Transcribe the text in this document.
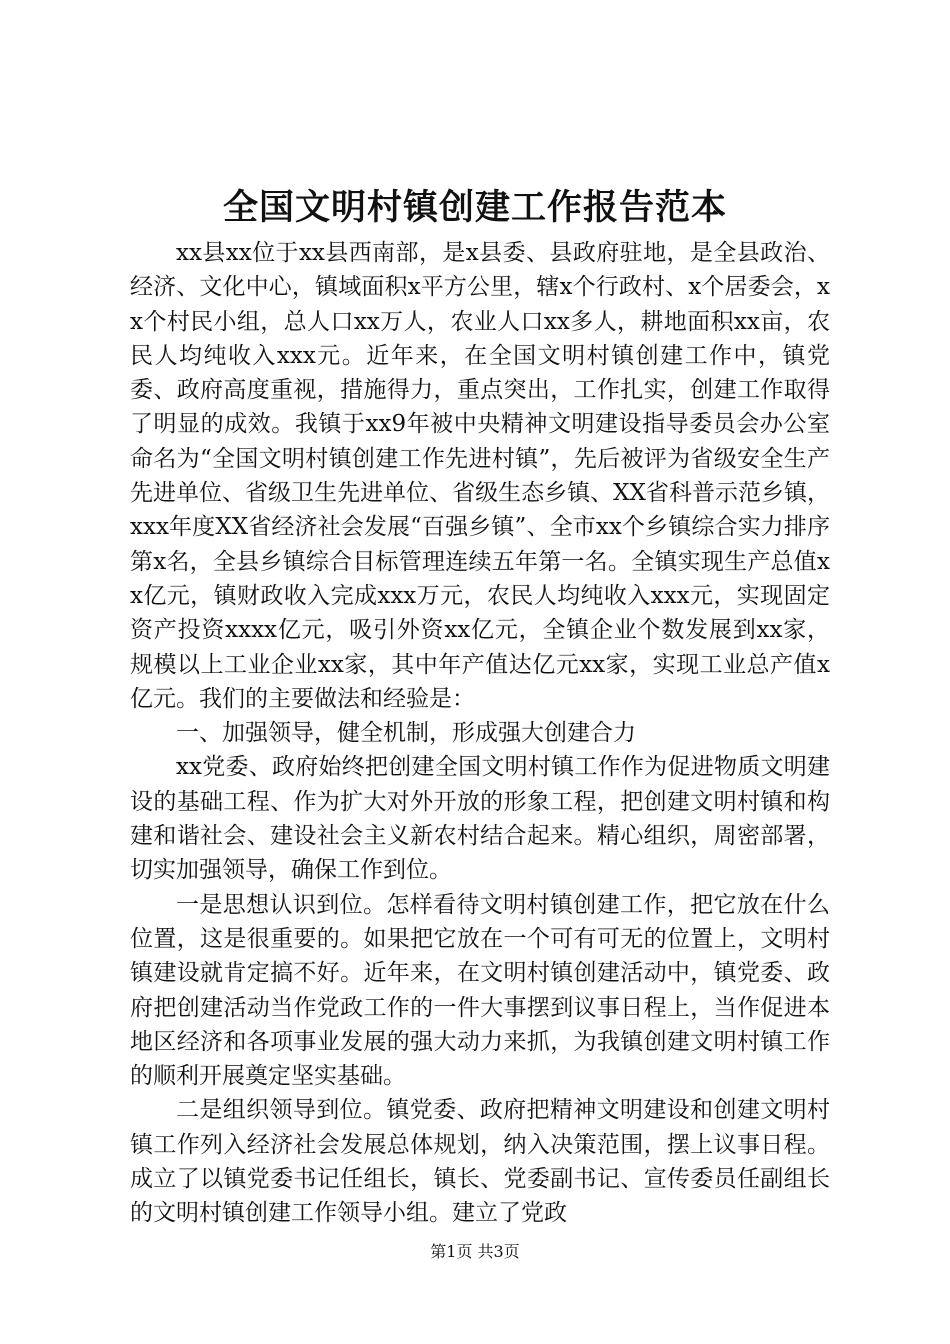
全国文明村镇创建工作报告范本

xx县xx位于xx县西南部，是x县委、县政府驻地，是全县政治、经济、文化中心，镇域面积x平方公里，辖x个行政村、x个居委会，xx个村民小组，总人口xx万人，农业人口xx多人，耕地面积xx亩，农民人均纯收入xxx元。近年来，在全国文明村镇创建工作中，镇党委、政府高度重视，措施得力，重点突出，工作扎实，创建工作取得了明显的成效。我镇于xx9年被中央精神文明建设指导委员会办公室命名为“全国文明村镇创建工作先进村镇”，先后被评为省级安全生产先进单位、省级卫生先进单位、省级生态乡镇、XX省科普示范乡镇，xxx年度XX省经济社会发展“百强乡镇”、全市xx个乡镇综合实力排序第x名，全县乡镇综合目标管理连续五年第一名。全镇实现生产总值xx亿元，镇财政收入完成xxx万元，农民人均纯收入xxx元，实现固定资产投资xxxx亿元，吸引外资xx亿元，全镇企业个数发展到xx家，规模以上工业企业xx家，其中年产值达亿元xx家，实现工业总产值x亿元。我们的主要做法和经验是：

一、加强领导，健全机制，形成强大创建合力

xx党委、政府始终把创建全国文明村镇工作作为促进物质文明建设的基础工程、作为扩大对外开放的形象工程，把创建文明村镇和构建和谐社会、建设社会主义新农村结合起来。精心组织，周密部署，切实加强领导，确保工作到位。

一是思想认识到位。怎样看待文明村镇创建工作，把它放在什么位置，这是很重要的。如果把它放在一个可有可无的位置上，文明村镇建设就肯定搞不好。近年来，在文明村镇创建活动中，镇党委、政府把创建活动当作党政工作的一件大事摆到议事日程上，当作促进本地区经济和各项事业发展的强大动力来抓，为我镇创建文明村镇工作的顺利开展奠定坚实基础。

二是组织领导到位。镇党委、政府把精神文明建设和创建文明村镇工作列入经济社会发展总体规划，纳入决策范围，摆上议事日程。成立了以镇党委书记任组长，镇长、党委副书记、宣传委员任副组长的文明村镇创建工作领导小组。建立了党政

第1页 共3页
